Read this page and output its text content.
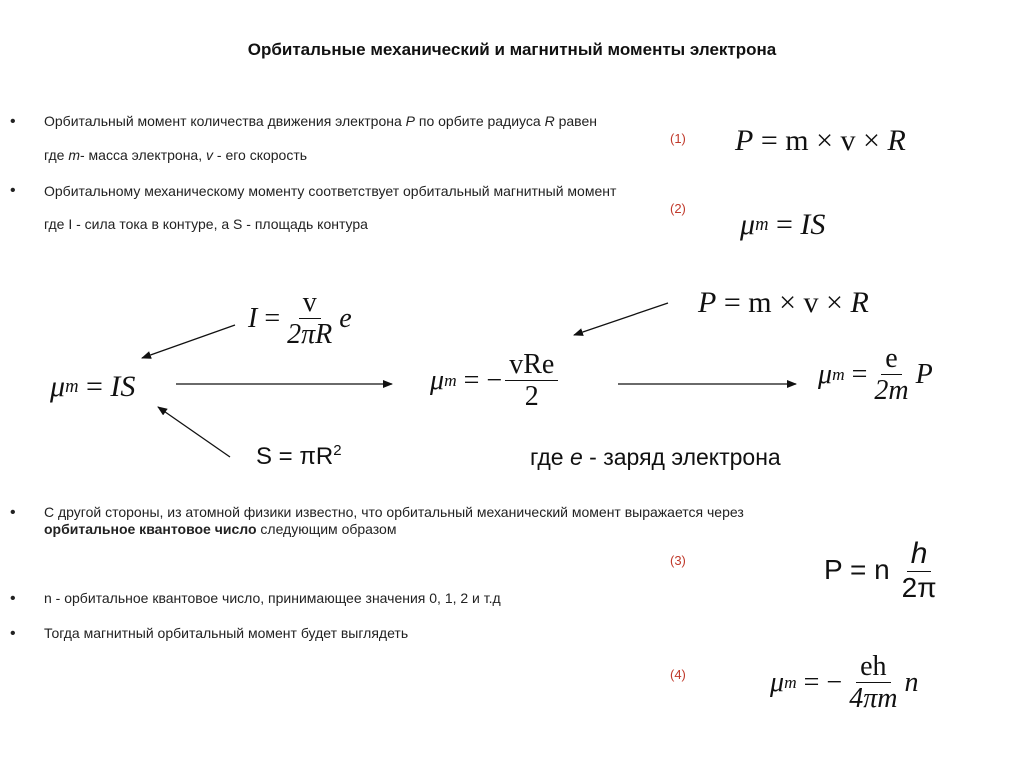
Орбитальные механический и магнитный моменты электрона
• Орбитальный момент количества движения электрона P по орбите радиуса R равен
где m- масса электрона, v - его скорость
• Орбитальному механическому моменту соответствует орбитальный магнитный момент
где I - сила тока в контуре, а S - площадь контура
(1)
(2)
(3)
(4)
P
=
m
×
v
×
R
μ m
=
IS
I
= $\frac{v}{2\pi R}$ e	P
=
m
×
v
×
R
μ m
=
IS	μ m
= − $\frac{\text{vRe}}{2}$	μ m
= $\frac{e}{2m}$ P
$S = \pi R^2$	где е - заряд электрона
• С другой стороны, из атомной физики известно, что орбитальный механический момент выражается через
орбитальное квантовое число следующим образом
P = n $\frac{h}{2\pi}$
• n - орбитальное квантовое число, принимающее значения 0, 1, 2 и т.д
• Тогда магнитный орбитальный момент будет выглядеть
μ m
= − $\frac{eh}{4\pi m}$ n
